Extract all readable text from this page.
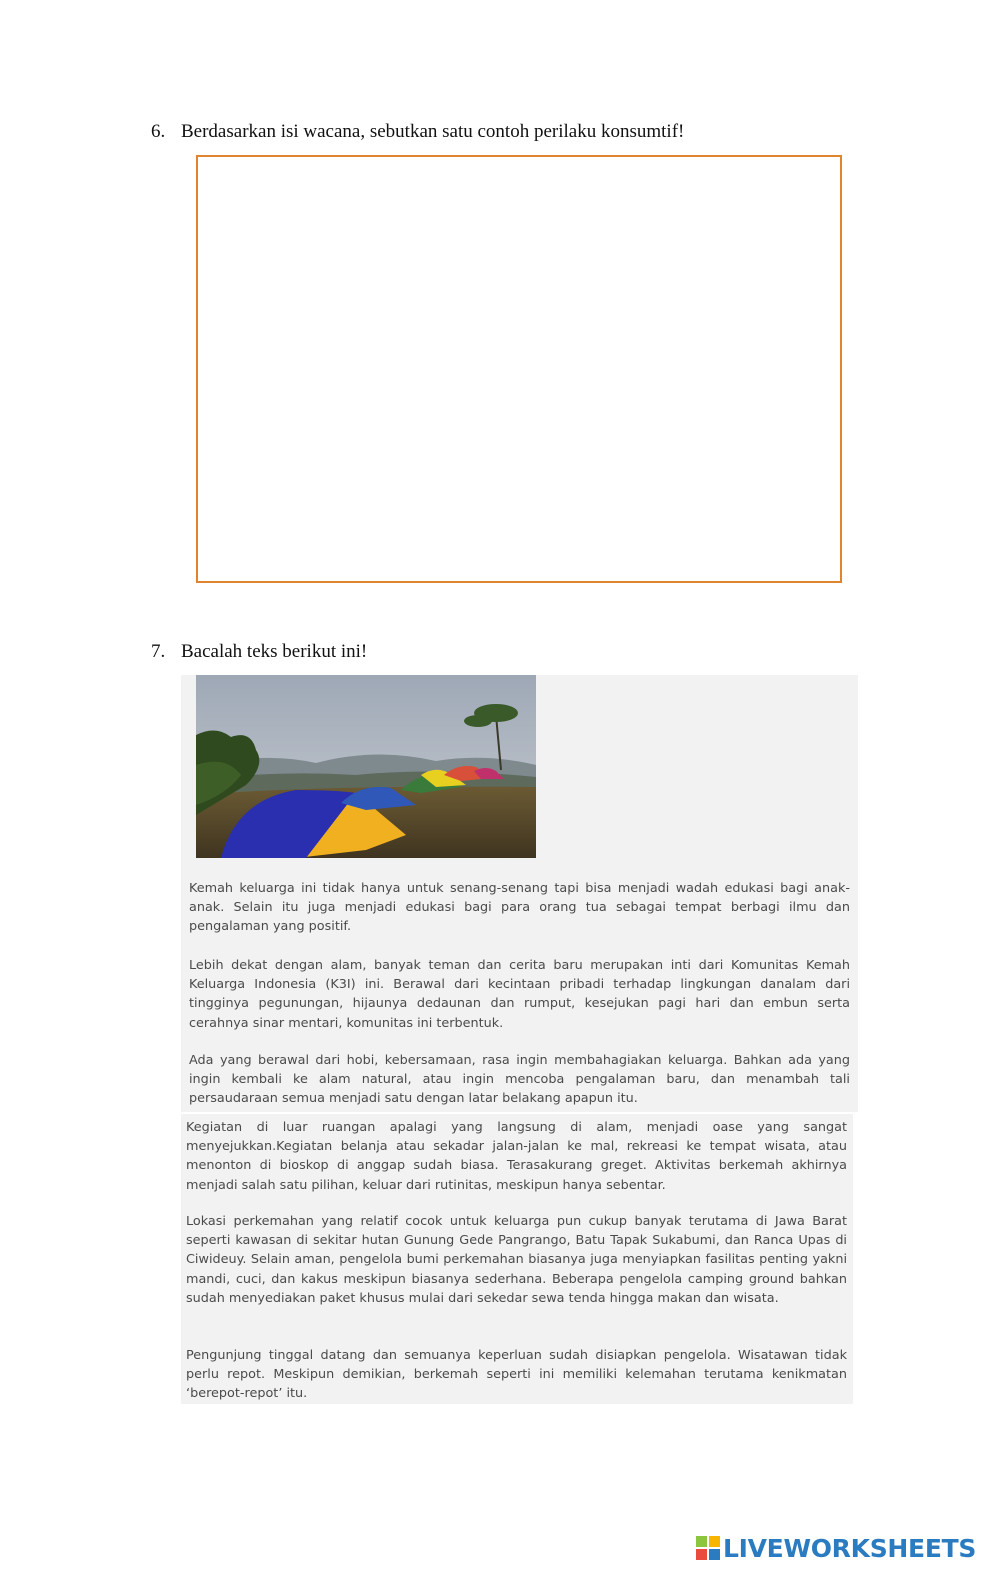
6. Berdasarkan isi wacana, sebutkan satu contoh perilaku konsumtif!
7. Bacalah teks berikut ini!

Kemah keluarga ini tidak hanya untuk senang-senang tapi bisa menjadi wadah edukasi bagi anak-anak. Selain itu juga menjadi edukasi bagi para orang tua sebagai tempat berbagi ilmu dan pengalaman yang positif.

Lebih dekat dengan alam, banyak teman dan cerita baru merupakan inti dari Komunitas Kemah Keluarga Indonesia (K3I) ini. Berawal dari kecintaan pribadi terhadap lingkungan danalam dari tingginya pegunungan, hijaunya dedaunan dan rumput, kesejukan pagi hari dan embun serta cerahnya sinar mentari, komunitas ini terbentuk.

Ada yang berawal dari hobi, kebersamaan, rasa ingin membahagiakan keluarga. Bahkan ada yang ingin kembali ke alam natural, atau ingin mencoba pengalaman baru, dan menambah tali persaudaraan semua menjadi satu dengan latar belakang apapun itu.

Kegiatan di luar ruangan apalagi yang langsung di alam, menjadi oase yang sangat menyejukkan.Kegiatan belanja atau sekadar jalan-jalan ke mal, rekreasi ke tempat wisata, atau menonton di bioskop di anggap sudah biasa. Terasakurang greget. Aktivitas berkemah akhirnya menjadi salah satu pilihan, keluar dari rutinitas, meskipun hanya sebentar.

Lokasi perkemahan yang relatif cocok untuk keluarga pun cukup banyak terutama di Jawa Barat seperti kawasan di sekitar hutan Gunung Gede Pangrango, Batu Tapak Sukabumi, dan Ranca Upas di Ciwideuy. Selain aman, pengelola bumi perkemahan biasanya juga menyiapkan fasilitas penting yakni mandi, cuci, dan kakus meskipun biasanya sederhana. Beberapa pengelola camping ground bahkan sudah menyediakan paket khusus mulai dari sekedar sewa tenda hingga makan dan wisata.

Pengunjung tinggal datang dan semuanya keperluan sudah disiapkan pengelola. Wisatawan tidak perlu repot. Meskipun demikian, berkemah seperti ini memiliki kelemahan terutama kenikmatan ‘berepot-repot’ itu.

LIVEWORKSHEETS
